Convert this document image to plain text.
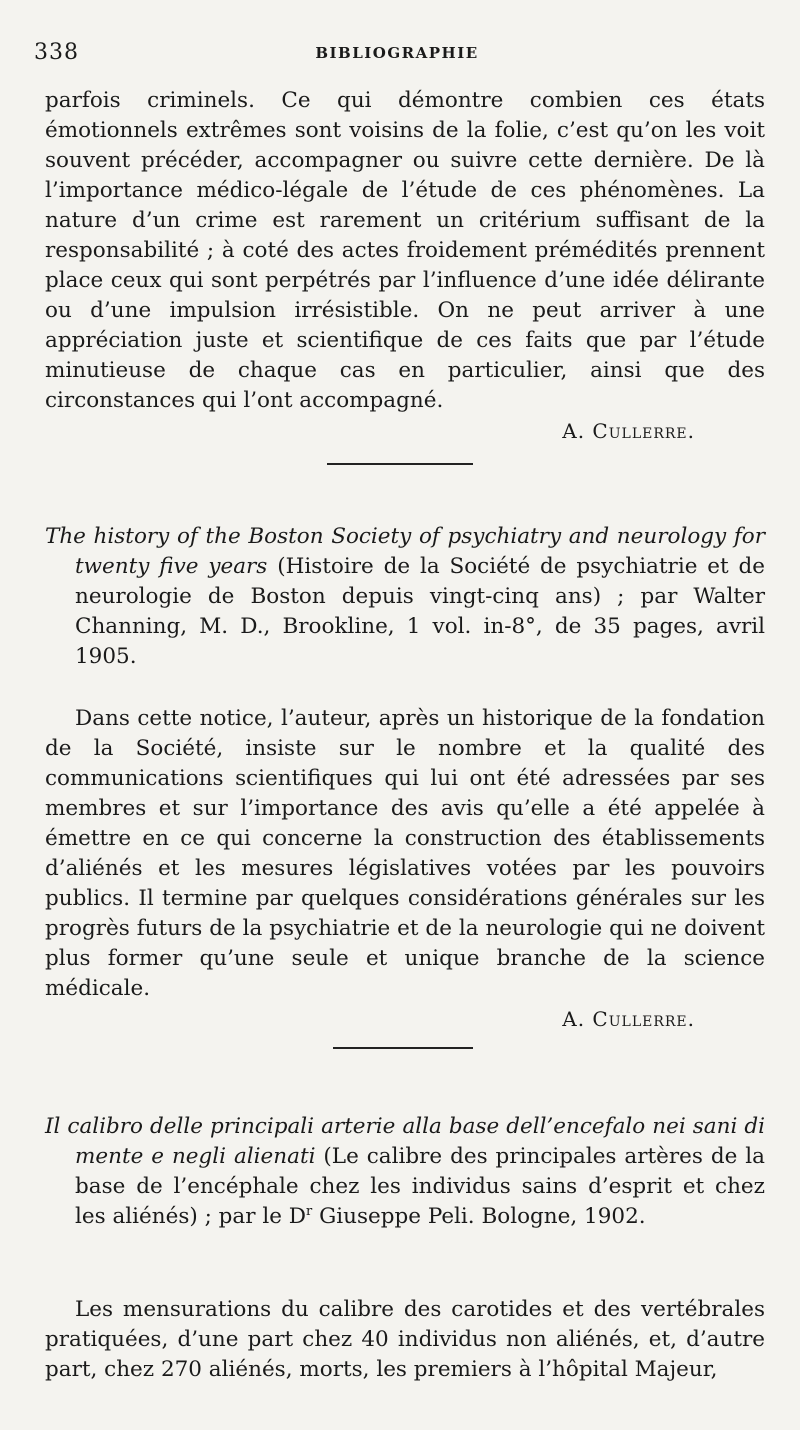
338	BIBLIOGRAPHIE

parfois criminels. Ce qui démontre combien ces états émotionnels extrêmes sont voisins de la folie, c’est qu’on les voit souvent précéder, accompagner ou suivre cette dernière. De là l’importance médico-légale de l’étude de ces phénomènes. La nature d’un crime est rarement un critérium suffisant de la responsabilité ; à coté des actes froidement prémédités prennent place ceux qui sont perpétrés par l’influence d’une idée délirante ou d’une impulsion irrésistible. On ne peut arriver à une appréciation juste et scientifique de ces faits que par l’étude minutieuse de chaque cas en particulier, ainsi que des circonstances qui l’ont accompagné.

A. Cullerre.

The history of the Boston Society of psychiatry and neurology for twenty five years (Histoire de la Société de psychiatrie et de neurologie de Boston depuis vingt-cinq ans) ; par Walter Channing, M. D., Brookline, 1 vol. in-8°, de 35 pages, avril 1905.

Dans cette notice, l’auteur, après un historique de la fondation de la Société, insiste sur le nombre et la qualité des communications scientifiques qui lui ont été adressées par ses membres et sur l’importance des avis qu’elle a été appelée à émettre en ce qui concerne la construction des établissements d’aliénés et les mesures législatives votées par les pouvoirs publics. Il termine par quelques considérations générales sur les progrès futurs de la psychiatrie et de la neurologie qui ne doivent plus former qu’une seule et unique branche de la science médicale.

A. Cullerre.

Il calibro delle principali arterie alla base dell’encefalo nei sani di mente e negli alienati (Le calibre des principales artères de la base de l’encéphale chez les individus sains d’esprit et chez les aliénés) ; par le $D^r$ Giuseppe Peli. Bologne, 1902.

Les mensurations du calibre des carotides et des vertébrales pratiquées, d’une part chez 40 individus non aliénés, et, d’autre part, chez 270 aliénés, morts, les premiers à l’hôpital Majeur,
